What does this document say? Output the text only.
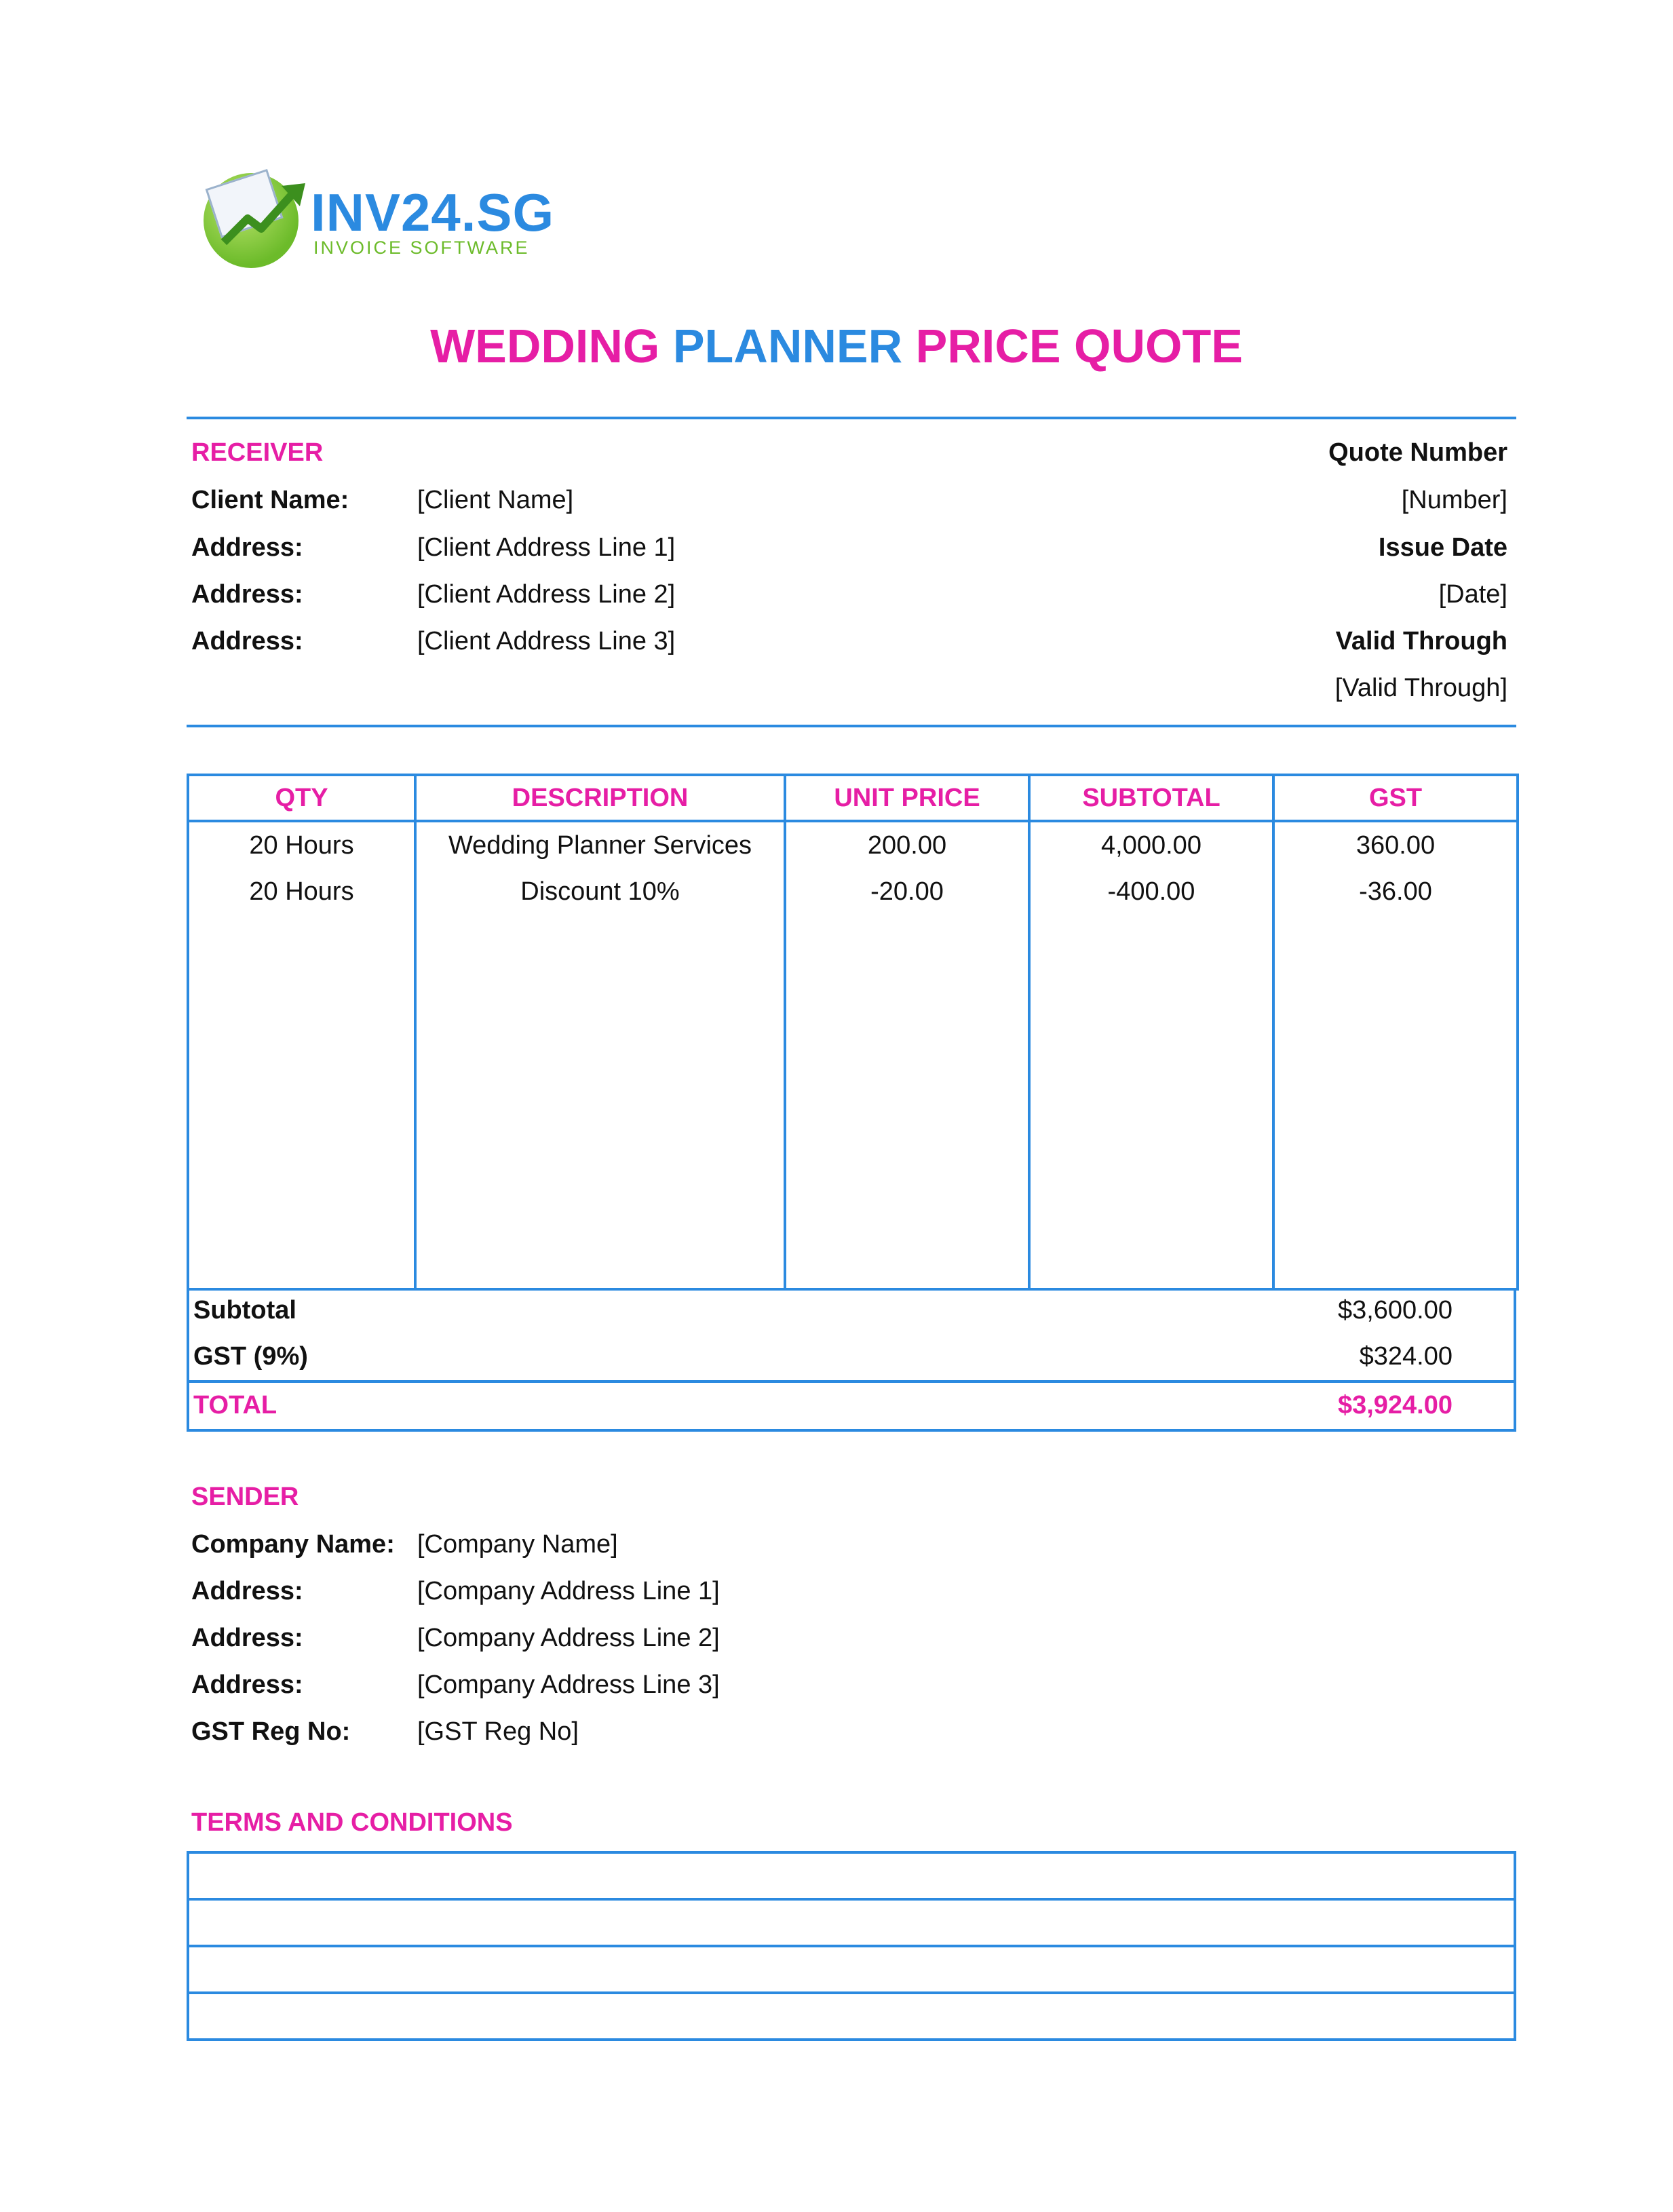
INV24.SG
INVOICE SOFTWARE
WEDDING PLANNER PRICE QUOTE
RECEIVER
Client Name:	[Client Name]
Address:	[Client Address Line 1]
Address:	[Client Address Line 2]
Address:	[Client Address Line 3]
Quote Number
[Number]
Issue Date
[Date]
Valid Through
[Valid Through]
QTY	DESCRIPTION	UNIT PRICE	SUBTOTAL	GST
20 Hours	Wedding Planner Services	200.00	4,000.00	360.00
20 Hours	Discount 10%	-20.00	-400.00	-36.00

Subtotal	$3,600.00
GST (9%)	$324.00
TOTAL	$3,924.00
SENDER
Company Name: [Company Name]
Address:	[Company Address Line 1]
Address:	[Company Address Line 2]
Address:	[Company Address Line 3]
GST Reg No:	[GST Reg No]
TERMS AND CONDITIONS
